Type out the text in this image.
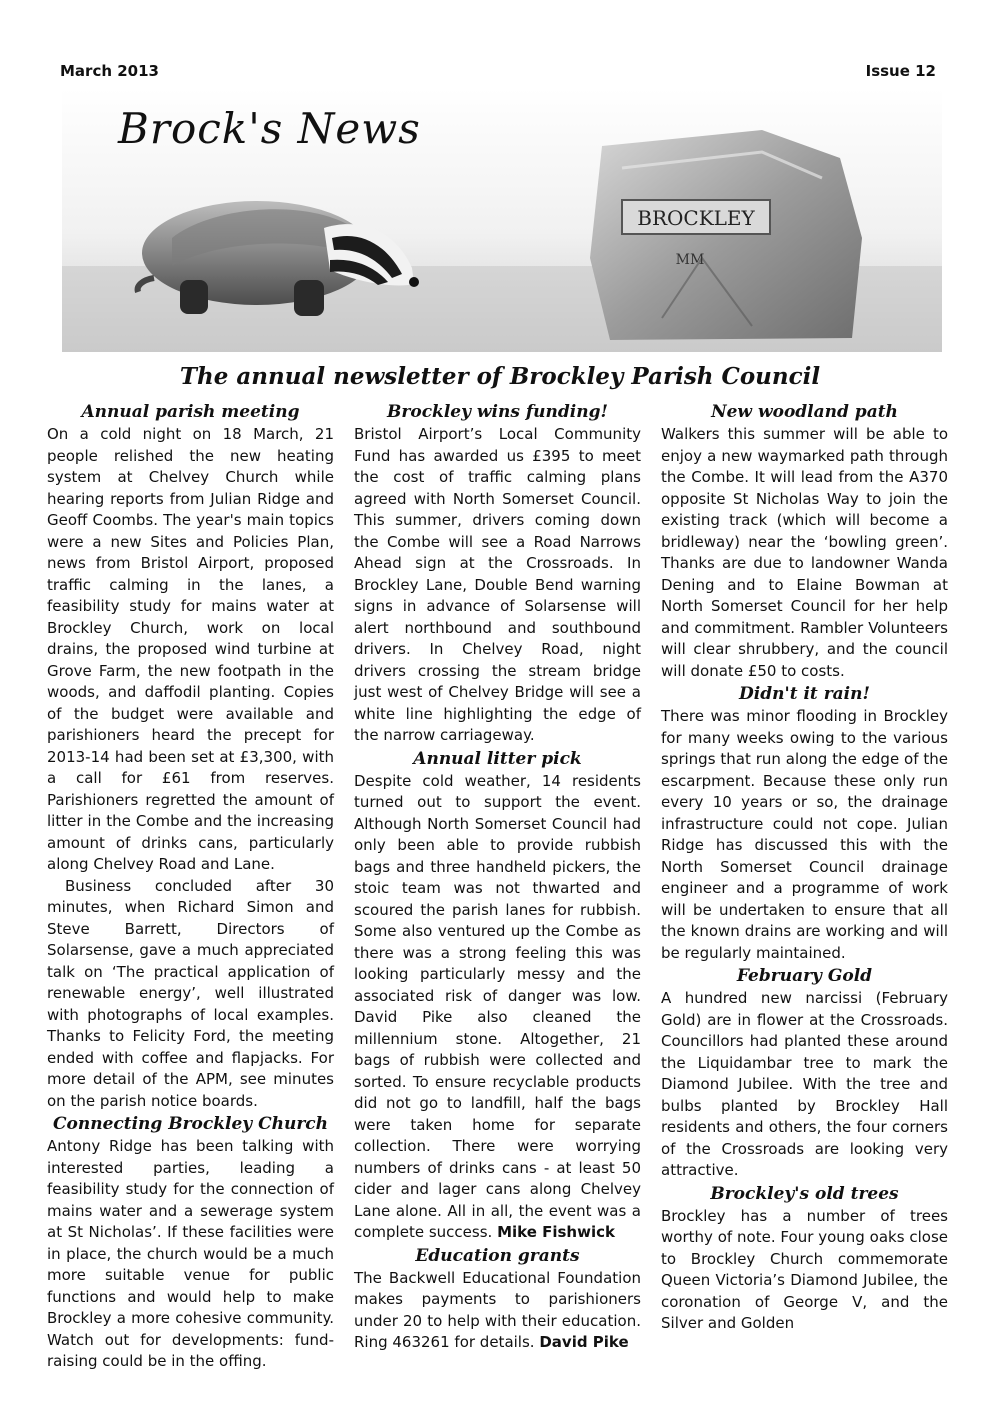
March 2013	Issue 12
BROCKLEY
MM
Brock's News
The annual newsletter of Brockley Parish Council
Annual parish meeting

On a cold night on 18 March, 21 people relished the new heating system at Chelvey Church while hearing reports from Julian Ridge and Geoff Coombs. The year's main topics were a new Sites and Policies Plan, news from Bristol Airport, proposed traffic calming in the lanes, a feasibility study for mains water at Brockley Church, work on local drains, the proposed wind turbine at Grove Farm, the new footpath in the woods, and daffodil planting. Copies of the budget were available and parishioners heard the precept for 2013-14 had been set at £3,300, with a call for £61 from reserves. Parishioners regretted the amount of litter in the Combe and the increasing amount of drinks cans, particularly along Chelvey Road and Lane.

Business concluded after 30 minutes, when Richard Simon and Steve Barrett, Directors of Solarsense, gave a much appreciated talk on ‘The practical application of renewable energy’, well illustrated with photographs of local examples. Thanks to Felicity Ford, the meeting ended with coffee and flapjacks. For more detail of the APM, see minutes on the parish notice boards.

Connecting Brockley Church

Antony Ridge has been talking with interested parties, leading a feasibility study for the connection of mains water and a sewerage system at St Nicholas’. If these facilities were in place, the church would be a much more suitable venue for public functions and would help to make Brockley a more cohesive community. Watch out for developments: fund-raising could be in the offing.

Brockley wins funding!

Bristol Airport’s Local Community Fund has awarded us £395 to meet the cost of traffic calming plans agreed with North Somerset Council. This summer, drivers coming down the Combe will see a Road Narrows Ahead sign at the Crossroads. In Brockley Lane, Double Bend warning signs in advance of Solarsense will alert northbound and southbound drivers. In Chelvey Road, night drivers crossing the stream bridge just west of Chelvey Bridge will see a white line highlighting the edge of the narrow carriageway.

Annual litter pick

Despite cold weather, 14 residents turned out to support the event. Although North Somerset Council had only been able to provide rubbish bags and three handheld pickers, the stoic team was not thwarted and scoured the parish lanes for rubbish. Some also ventured up the Combe as there was a strong feeling this was looking particularly messy and the associated risk of danger was low. David Pike also cleaned the millennium stone. Altogether, 21 bags of rubbish were collected and sorted. To ensure recyclable products did not go to landfill, half the bags were taken home for separate collection. There were worrying numbers of drinks cans - at least 50 cider and lager cans along Chelvey Lane alone. All in all, the event was a complete success. Mike Fishwick

Education grants

The Backwell Educational Foundation makes payments to parishioners under 20 to help with their education. Ring 463261 for details. David Pike

New woodland path

Walkers this summer will be able to enjoy a new waymarked path through the Combe. It will lead from the A370 opposite St Nicholas Way to join the existing track (which will become a bridleway) near the ‘bowling green’. Thanks are due to landowner Wanda Dening and to Elaine Bowman at North Somerset Council for her help and commitment. Rambler Volunteers will clear shrubbery, and the council will donate £50 to costs.

Didn't it rain!

There was minor flooding in Brockley for many weeks owing to the various springs that run along the edge of the escarpment. Because these only run every 10 years or so, the drainage infrastructure could not cope. Julian Ridge has discussed this with the North Somerset Council drainage engineer and a programme of work will be undertaken to ensure that all the known drains are working and will be regularly maintained.

February Gold

A hundred new narcissi (February Gold) are in flower at the Crossroads. Councillors had planted these around the Liquidambar tree to mark the Diamond Jubilee. With the tree and bulbs planted by Brockley Hall residents and others, the four corners of the Crossroads are looking very attractive.

Brockley's old trees

Brockley has a number of trees worthy of note. Four young oaks close to Brockley Church commemorate Queen Victoria’s Diamond Jubilee, the coronation of George V, and the Silver and Golden
